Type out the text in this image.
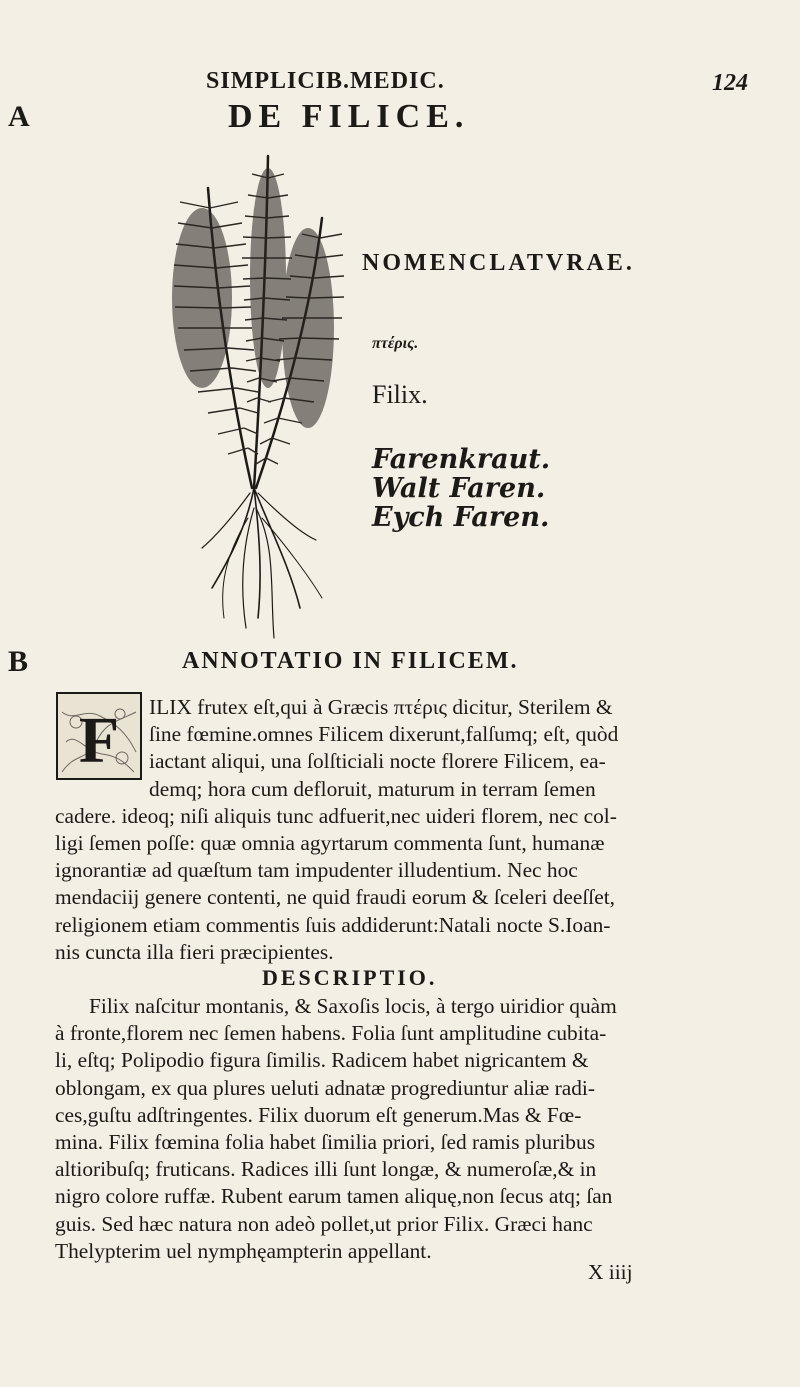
SIMPLICIB.MEDIC.	124
DE FILICE.
A
B
NOMENCLATVRAE.
πτέρις.
Filix.
Farenkraut.
Walt Faren.
Eych Faren.
ANNOTATIO IN FILICEM.
F	ILIX frutex eſt,qui à Græcis πτέρις dicitur, Sterilem &
ſine fœmine.omnes Filicem dixerunt,falſumq; eſt, quòd
iactant aliqui, una ſolſticiali nocte florere Filicem, ea-
demq; hora cum defloruit, maturum in terram ſemen
cadere. ideoq; niſi aliquis tunc adfuerit,nec uideri florem, nec col-
ligi ſemen poſſe: quæ omnia agyrtarum commenta ſunt, humanæ
ignorantiæ ad quæſtum tam impudenter illudentium. Nec hoc
mendaciĳ genere contenti, ne quid fraudi eorum & ſceleri deeſſet,
religionem etiam commentis ſuis addiderunt:Natali nocte S.Ioan-
nis cuncta illa fieri præcipientes.
DESCRIPTIO.
Filix naſcitur montanis, & Saxoſis locis, à tergo uiridior quàm
à fronte,florem nec ſemen habens. Folia ſunt amplitudine cubita-
li, eſtq; Polipodio figura ſimilis. Radicem habet nigricantem &
oblongam, ex qua plures ueluti adnatæ progrediuntur aliæ radi-
ces,guſtu adſtringentes. Filix duorum eſt generum.Mas & Fœ-
mina. Filix fœmina folia habet ſimilia priori, ſed ramis pluribus
altioribuſq; fruticans. Radices illi ſunt longæ, & numeroſæ,& in
nigro colore ruffæ. Rubent earum tamen aliquę,non ſecus atq; ſan
guis. Sed hæc natura non adeò pollet,ut prior Filix. Græci hanc
Thelypterim uel nymphęampterin appellant.
X iiij
